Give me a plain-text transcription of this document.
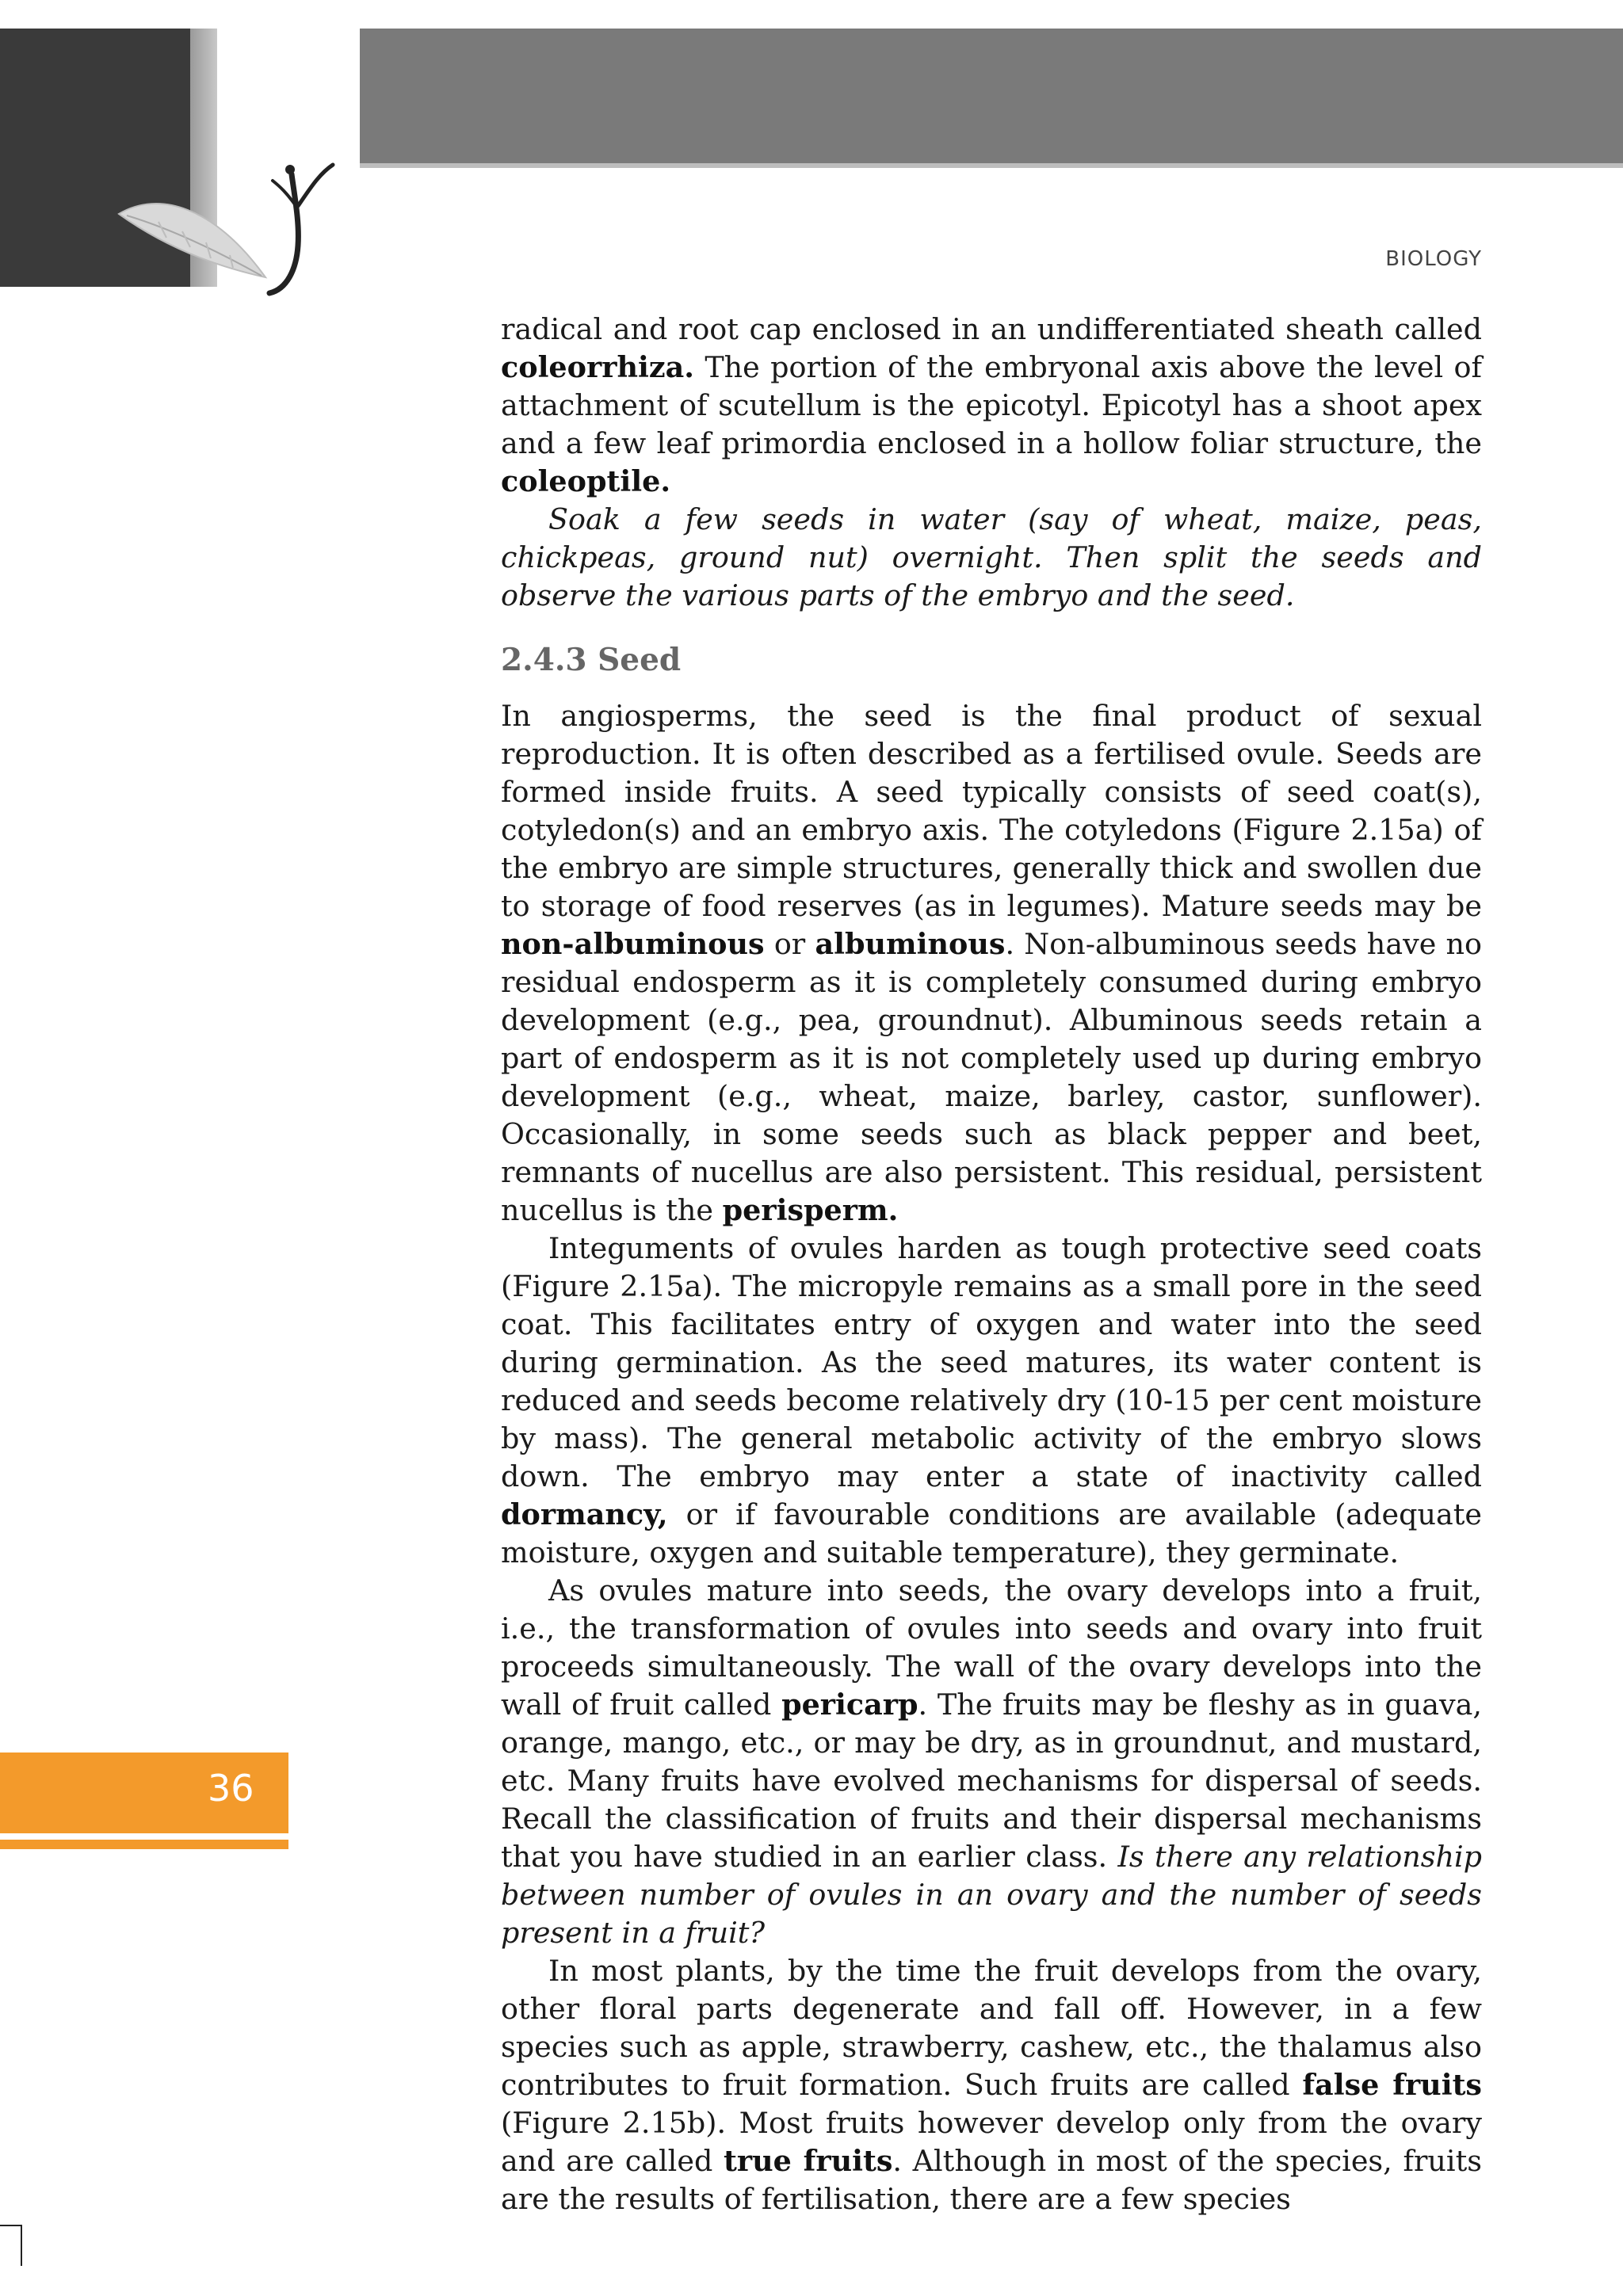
BIOLOGY

radical and root cap enclosed in an undifferentiated sheath called coleorrhiza. The portion of the embryonal axis above the level of attachment of scutellum is the epicotyl. Epicotyl has a shoot apex and a few leaf primordia enclosed in a hollow foliar structure, the coleoptile.

Soak a few seeds in water (say of wheat, maize, peas, chickpeas, ground nut) overnight. Then split the seeds and observe the various parts of the embryo and the seed.

2.4.3 Seed

In angiosperms, the seed is the final product of sexual reproduction. It is often described as a fertilised ovule. Seeds are formed inside fruits. A seed typically consists of seed coat(s), cotyledon(s) and an embryo axis. The cotyledons (Figure 2.15a) of the embryo are simple structures, generally thick and swollen due to storage of food reserves (as in legumes). Mature seeds may be non-albuminous or albuminous. Non-albuminous seeds have no residual endosperm as it is completely consumed during embryo development (e.g., pea, groundnut). Albuminous seeds retain a part of endosperm as it is not completely used up during embryo development (e.g., wheat, maize, barley, castor, sunflower). Occasionally, in some seeds such as black pepper and beet, remnants of nucellus are also persistent. This residual, persistent nucellus is the perisperm.

Integuments of ovules harden as tough protective seed coats (Figure 2.15a). The micropyle remains as a small pore in the seed coat. This facilitates entry of oxygen and water into the seed during germination. As the seed matures, its water content is reduced and seeds become relatively dry (10-15 per cent moisture by mass). The general metabolic activity of the embryo slows down. The embryo may enter a state of inactivity called dormancy, or if favourable conditions are available (adequate moisture, oxygen and suitable temperature), they germinate.

As ovules mature into seeds, the ovary develops into a fruit, i.e., the transformation of ovules into seeds and ovary into fruit proceeds simultaneously. The wall of the ovary develops into the wall of fruit called pericarp. The fruits may be fleshy as in guava, orange, mango, etc., or may be dry, as in groundnut, and mustard, etc. Many fruits have evolved mechanisms for dispersal of seeds. Recall the classification of fruits and their dispersal mechanisms that you have studied in an earlier class. Is there any relationship between number of ovules in an ovary and the number of seeds present in a fruit?

In most plants, by the time the fruit develops from the ovary, other floral parts degenerate and fall off. However, in a few species such as apple, strawberry, cashew, etc., the thalamus also contributes to fruit formation. Such fruits are called false fruits (Figure 2.15b). Most fruits however develop only from the ovary and are called true fruits. Although in most of the species, fruits are the results of fertilisation, there are a few species

36
